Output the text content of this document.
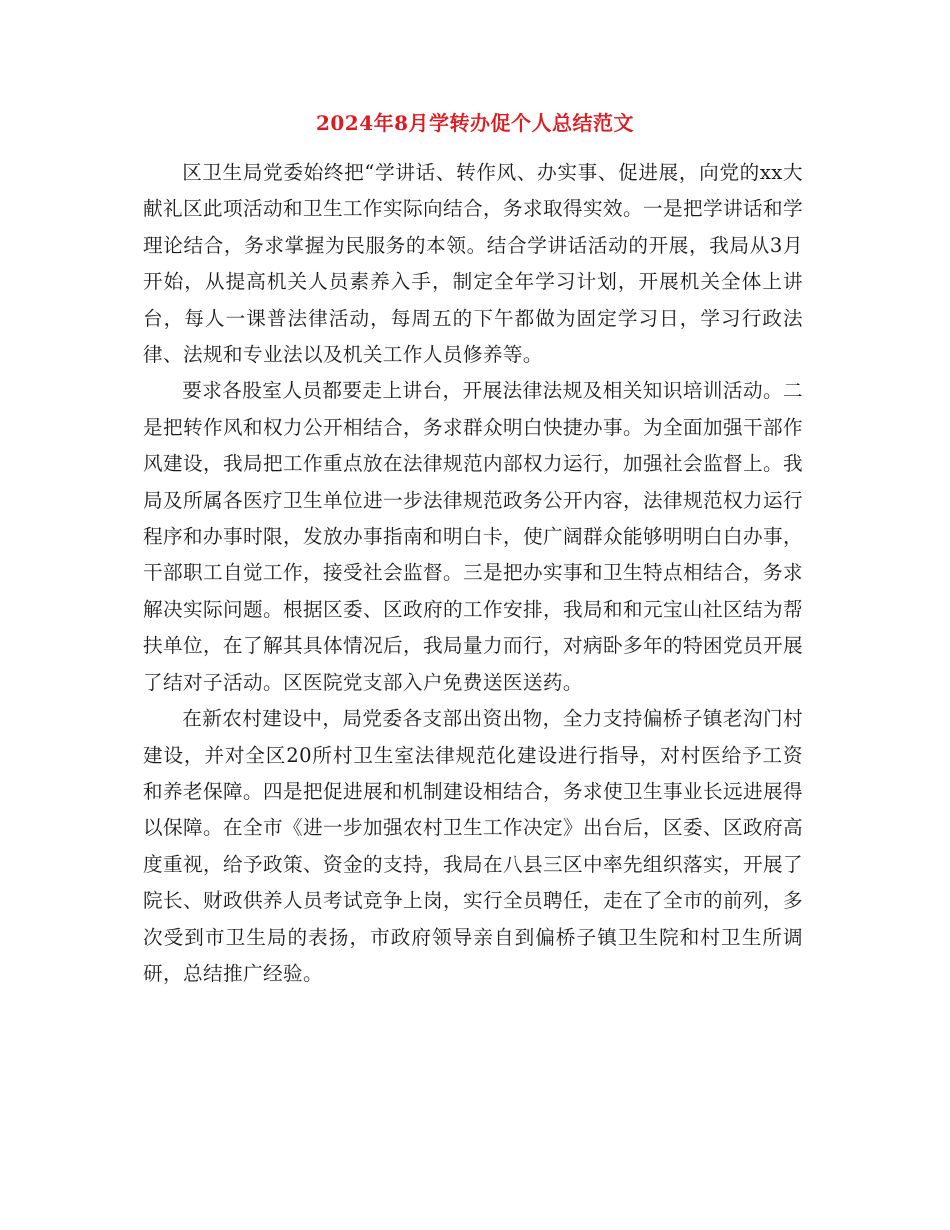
2024年8月学转办促个人总结范文

区卫生局党委始终把“学讲话、转作风、办实事、促进展，向党的xx大献礼区此项活动和卫生工作实际向结合，务求取得实效。一是把学讲话和学理论结合，务求掌握为民服务的本领。结合学讲话活动的开展，我局从3月开始，从提高机关人员素养入手，制定全年学习计划，开展机关全体上讲台，每人一课普法律活动，每周五的下午都做为固定学习日，学习行政法律、法规和专业法以及机关工作人员修养等。

要求各股室人员都要走上讲台，开展法律法规及相关知识培训活动。二是把转作风和权力公开相结合，务求群众明白快捷办事。为全面加强干部作风建设，我局把工作重点放在法律规范内部权力运行，加强社会监督上。我局及所属各医疗卫生单位进一步法律规范政务公开内容，法律规范权力运行程序和办事时限，发放办事指南和明白卡，使广阔群众能够明明白白办事，干部职工自觉工作，接受社会监督。三是把办实事和卫生特点相结合，务求解决实际问题。根据区委、区政府的工作安排，我局和和元宝山社区结为帮扶单位，在了解其具体情况后，我局量力而行，对病卧多年的特困党员开展了结对子活动。区医院党支部入户免费送医送药。

在新农村建设中，局党委各支部出资出物，全力支持偏桥子镇老沟门村建设，并对全区20所村卫生室法律规范化建设进行指导，对村医给予工资和养老保障。四是把促进展和机制建设相结合，务求使卫生事业长远进展得以保障。在全市《进一步加强农村卫生工作决定》出台后，区委、区政府高度重视，给予政策、资金的支持，我局在八县三区中率先组织落实，开展了院长、财政供养人员考试竞争上岗，实行全员聘任，走在了全市的前列，多次受到市卫生局的表扬，市政府领导亲自到偏桥子镇卫生院和村卫生所调研，总结推广经验。
